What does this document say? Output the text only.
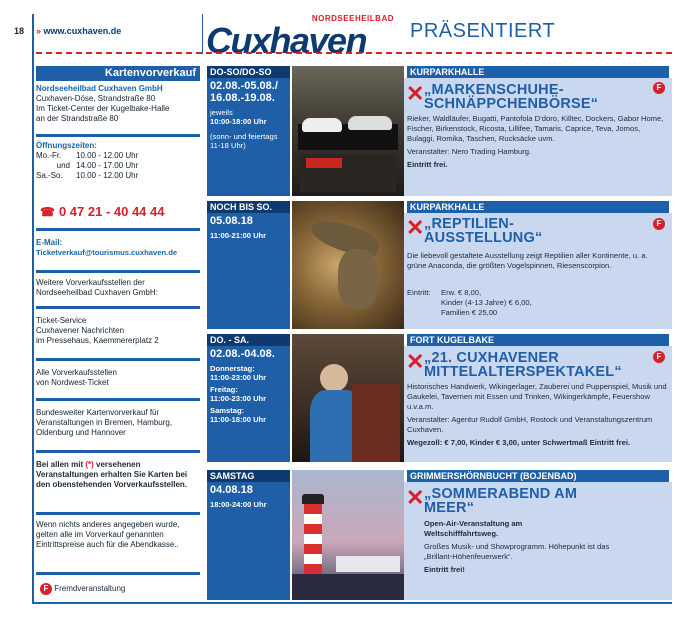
18 » www.cuxhaven.de
NORDSEEHEILBAD
Cuxhaven PRÄSENTIERT
Kartenvorverkauf
Nordseeheilbad Cuxhaven GmbH
Cuxhaven-Döse, Strandstraße 80
Im Ticket-Center der Kugelbake-Halle
an der Strandstraße 80
Öffnungszeiten:
Mo.-Fr. 10.00 - 12.00 Uhr
und 14.00 - 17.00 Uhr
Sa.-So. 10.00 - 12.00 Uhr
☎ 0 47 21 - 40 44 44
E-Mail:
Ticketverkauf@tourismus.cuxhaven.de
Weitere Vorverkaufsstellen der Nordseeheilbad Cuxhaven GmbH:
Ticket-Service
Cuxhavener Nachrichten
im Pressehaus, Kaemmererplatz 2
Alle Vorverkaufsstellen
von Nordwest-Ticket
Bundesweiter Kartenvorverkauf für Veranstaltungen in Bremen, Hamburg, Oldenburg und Hannover
Bei allen mit (*) versehenen Veranstaltungen erhalten Sie Karten bei den obenstehenden Vorverkaufsstellen.
Wenn nichts anderes angegeben wurde, gelten alle im Vorverkauf genannten Eintrittspreise auch für die Abendkasse..
F Fremdveranstaltung
DO-SO/DO-SO
02.08.-05.08./ 16.08.-19.08.
jeweils
10:00-18:00 Uhr
(sonn- und feiertags 11-18 Uhr)
KURPARKHALLE
✕ „MARKENSCHUHE-SCHNÄPPCHENBÖRSE“
F

Rieker, Waldläufer, Bugatti, Pantofola D‘doro, Killtec, Dockers, Gabor Home, Fischer, Birkenstock, Ricosta, Lillifee, Tamaris, Caprice, Teva, Jomos, Bulaggi, Romika, Taschen, Rucksäcke uvm.

Veranstalter: Nero Trading Hamburg.

Eintritt frei.

NOCH BIS SO.
05.08.18
11:00-21:00 Uhr
KURPARKHALLE
✕ „REPTILIEN-AUSSTELLUNG“
F

Die liebevoll gestaltete Ausstellung zeigt Reptilien aller Kontinente, u. a. grüne Anaconda, die größten Vogelspinnen, Riesenscorpion.

Eintritt: Erw. € 8,00,
Kinder (4-13 Jahre) € 6,00,
Familien € 25,00
DO. - SA.
02.08.-04.08.
Donnerstag:
11:00-23:00 Uhr
Freitag:
11:00-23:00 Uhr
Samstag:
11:00-18:00 Uhr
FORT KUGELBAKE
✕ „21. CUXHAVENER MITTELALTERSPEKTAKEL“
F

Historisches Handwerk, Wikingerlager, Zauberei und Puppenspiel, Musik und Gaukelei, Tavernen mit Essen und Trinken, Wikingerkämpfe, Feuershow u.v.a.m.

Veranstalter: Agentur Rudolf GmbH, Rostock und Veranstaltungszentrum Cuxhaven.

Wegezoll: € 7,00, Kinder € 3,00, unter Schwertmaß Eintritt frei.

SAMSTAG
04.08.18
18:00-24:00 Uhr
GRIMMERSHÖRNBUCHT (BOJENBAD)
✕ „SOMMERABEND AM MEER“

Open-Air-Veranstaltung am Weltschifffahrtsweg.

Großes Musik- und Showprogramm. Höhepunkt ist das „Brillant-Höhenfeuerwerk“.

Eintritt frei!
